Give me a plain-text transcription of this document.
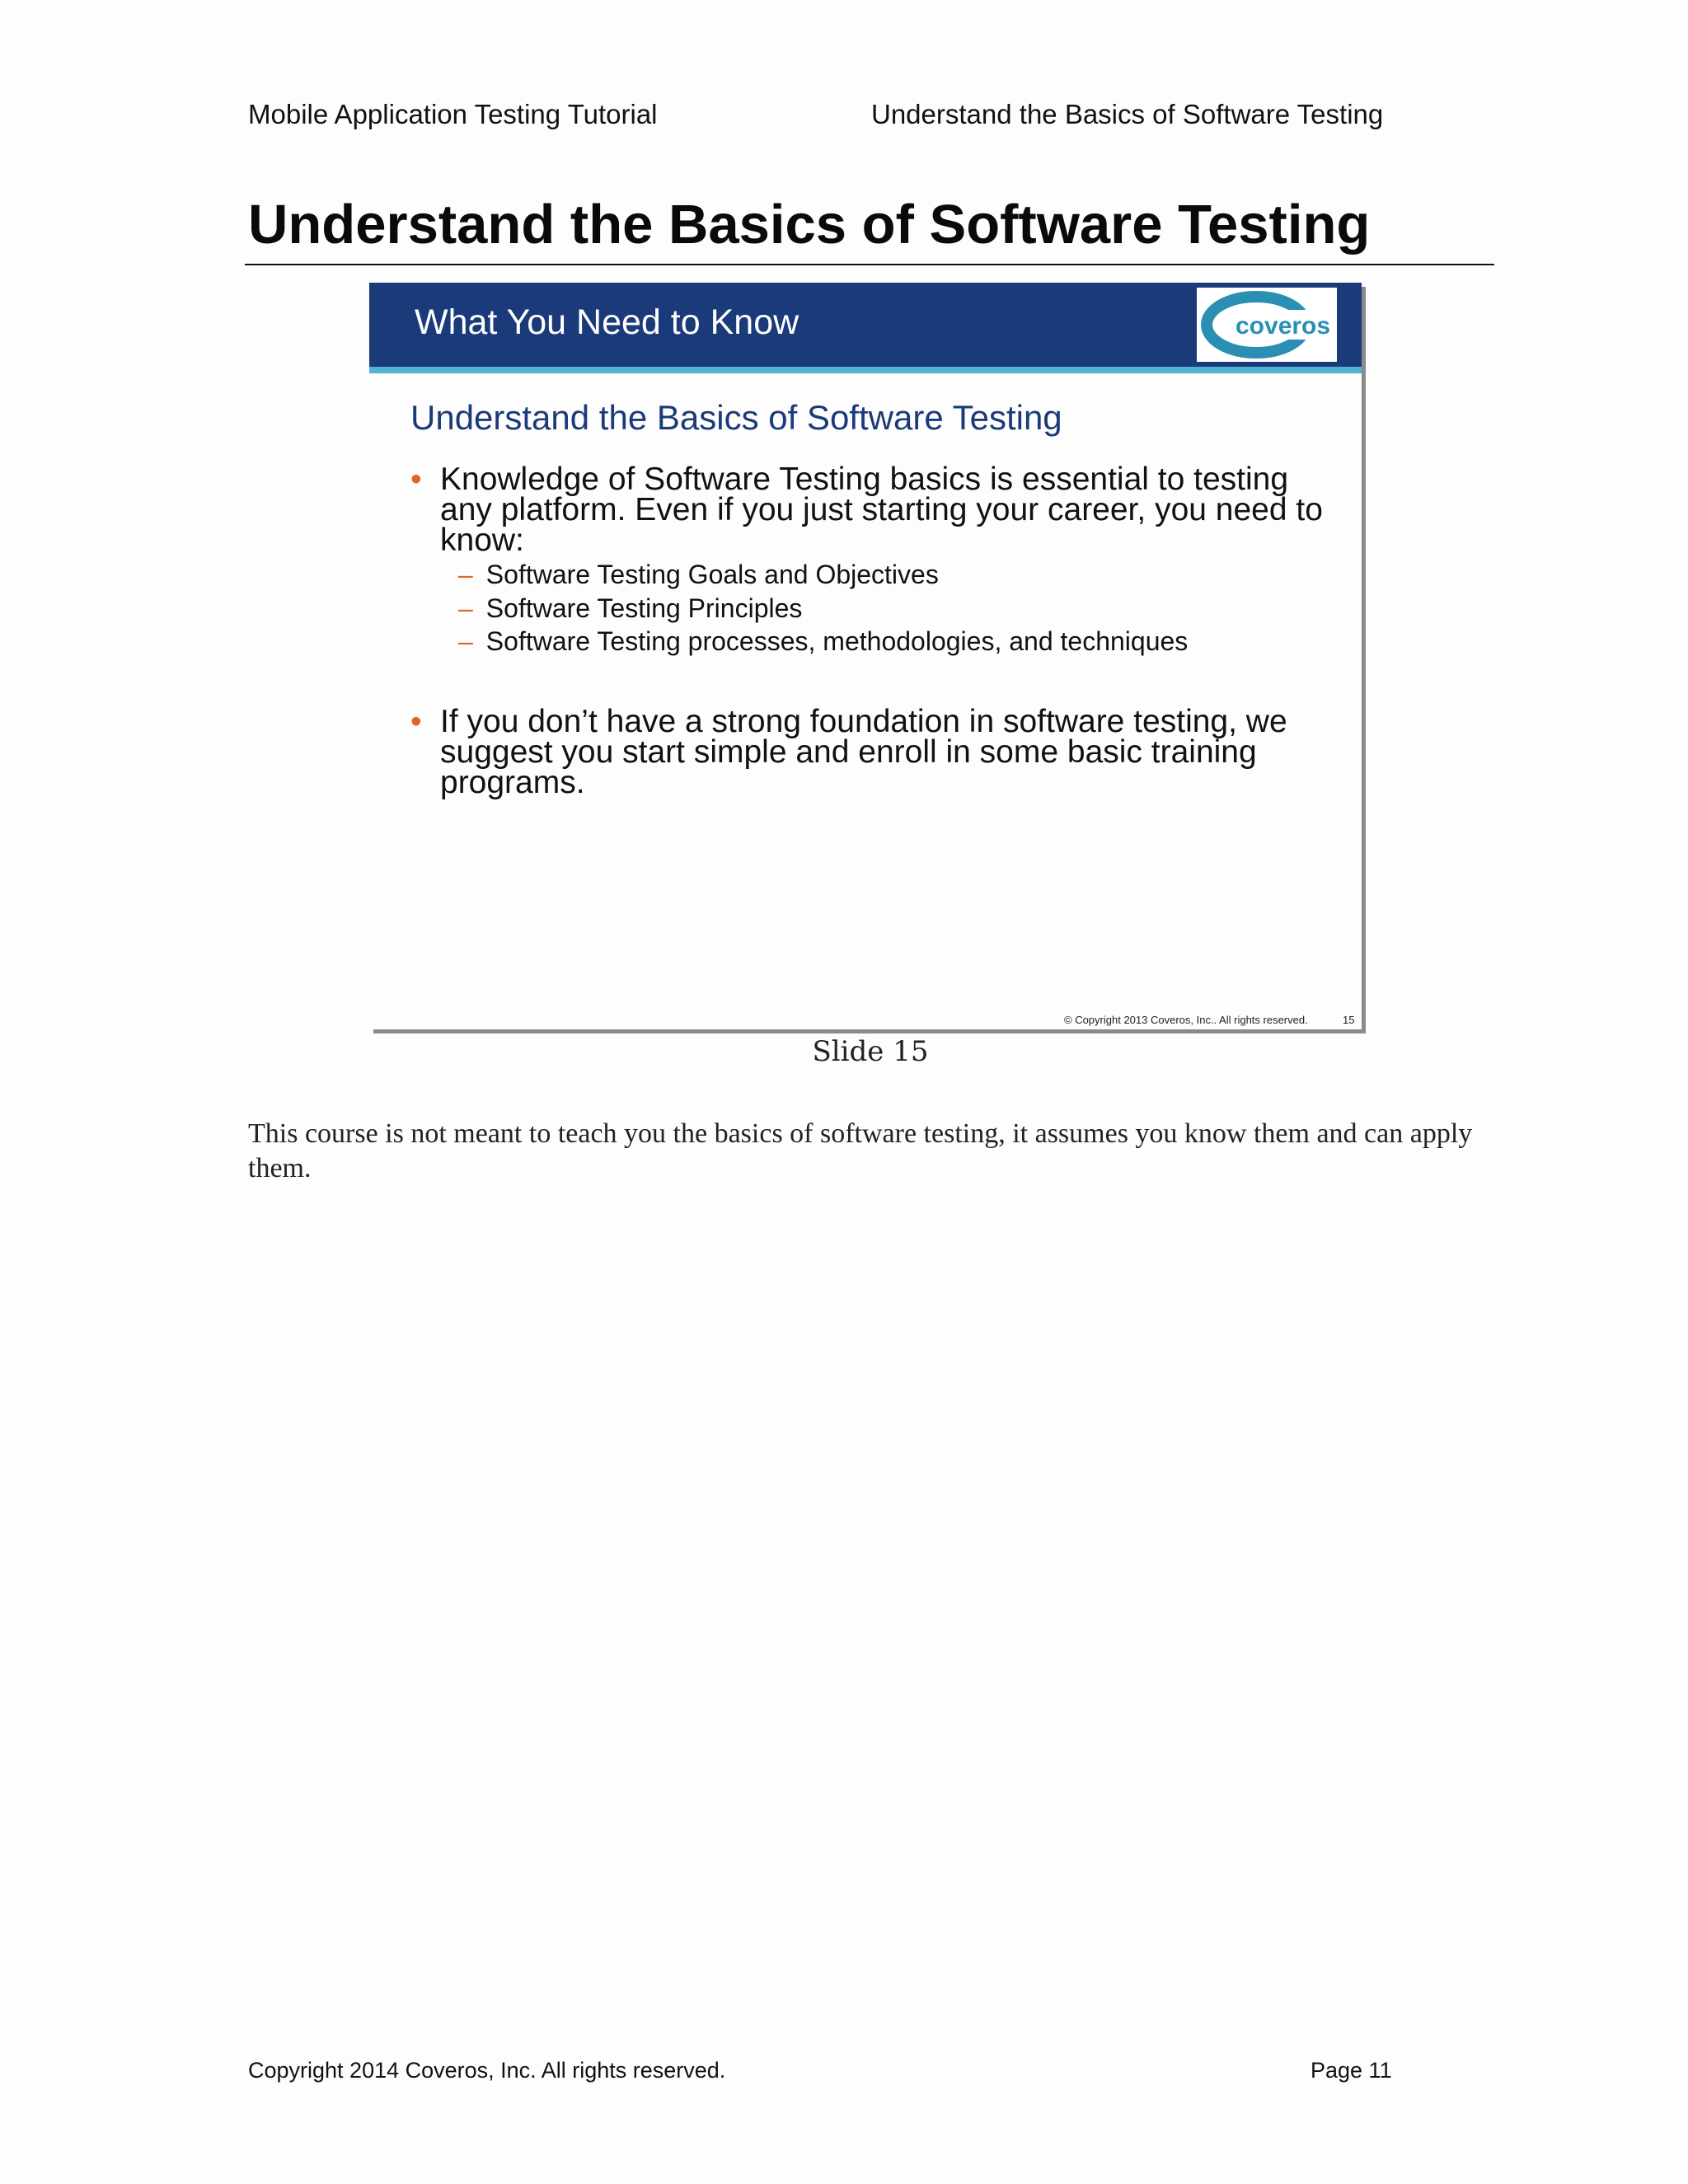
Mobile Application Testing Tutorial	Understand the Basics of Software Testing
Understand the Basics of Software Testing
What You Need to Know	coveros
Understand the Basics of Software Testing
• Knowledge of Software Testing basics is essential to testing any platform. Even if you just starting your career, you need to know:
– Software Testing Goals and Objectives
– Software Testing Principles
– Software Testing processes, methodologies, and techniques
• If you don’t have a strong foundation in software testing, we suggest you start simple and enroll in some basic training programs.
© Copyright 2013 Coveros, Inc.. All rights reserved.	15
Slide 15
This course is not meant to teach you the basics of software testing, it assumes you know them and can apply them.
Copyright 2014 Coveros, Inc. All rights reserved.	Page 11
